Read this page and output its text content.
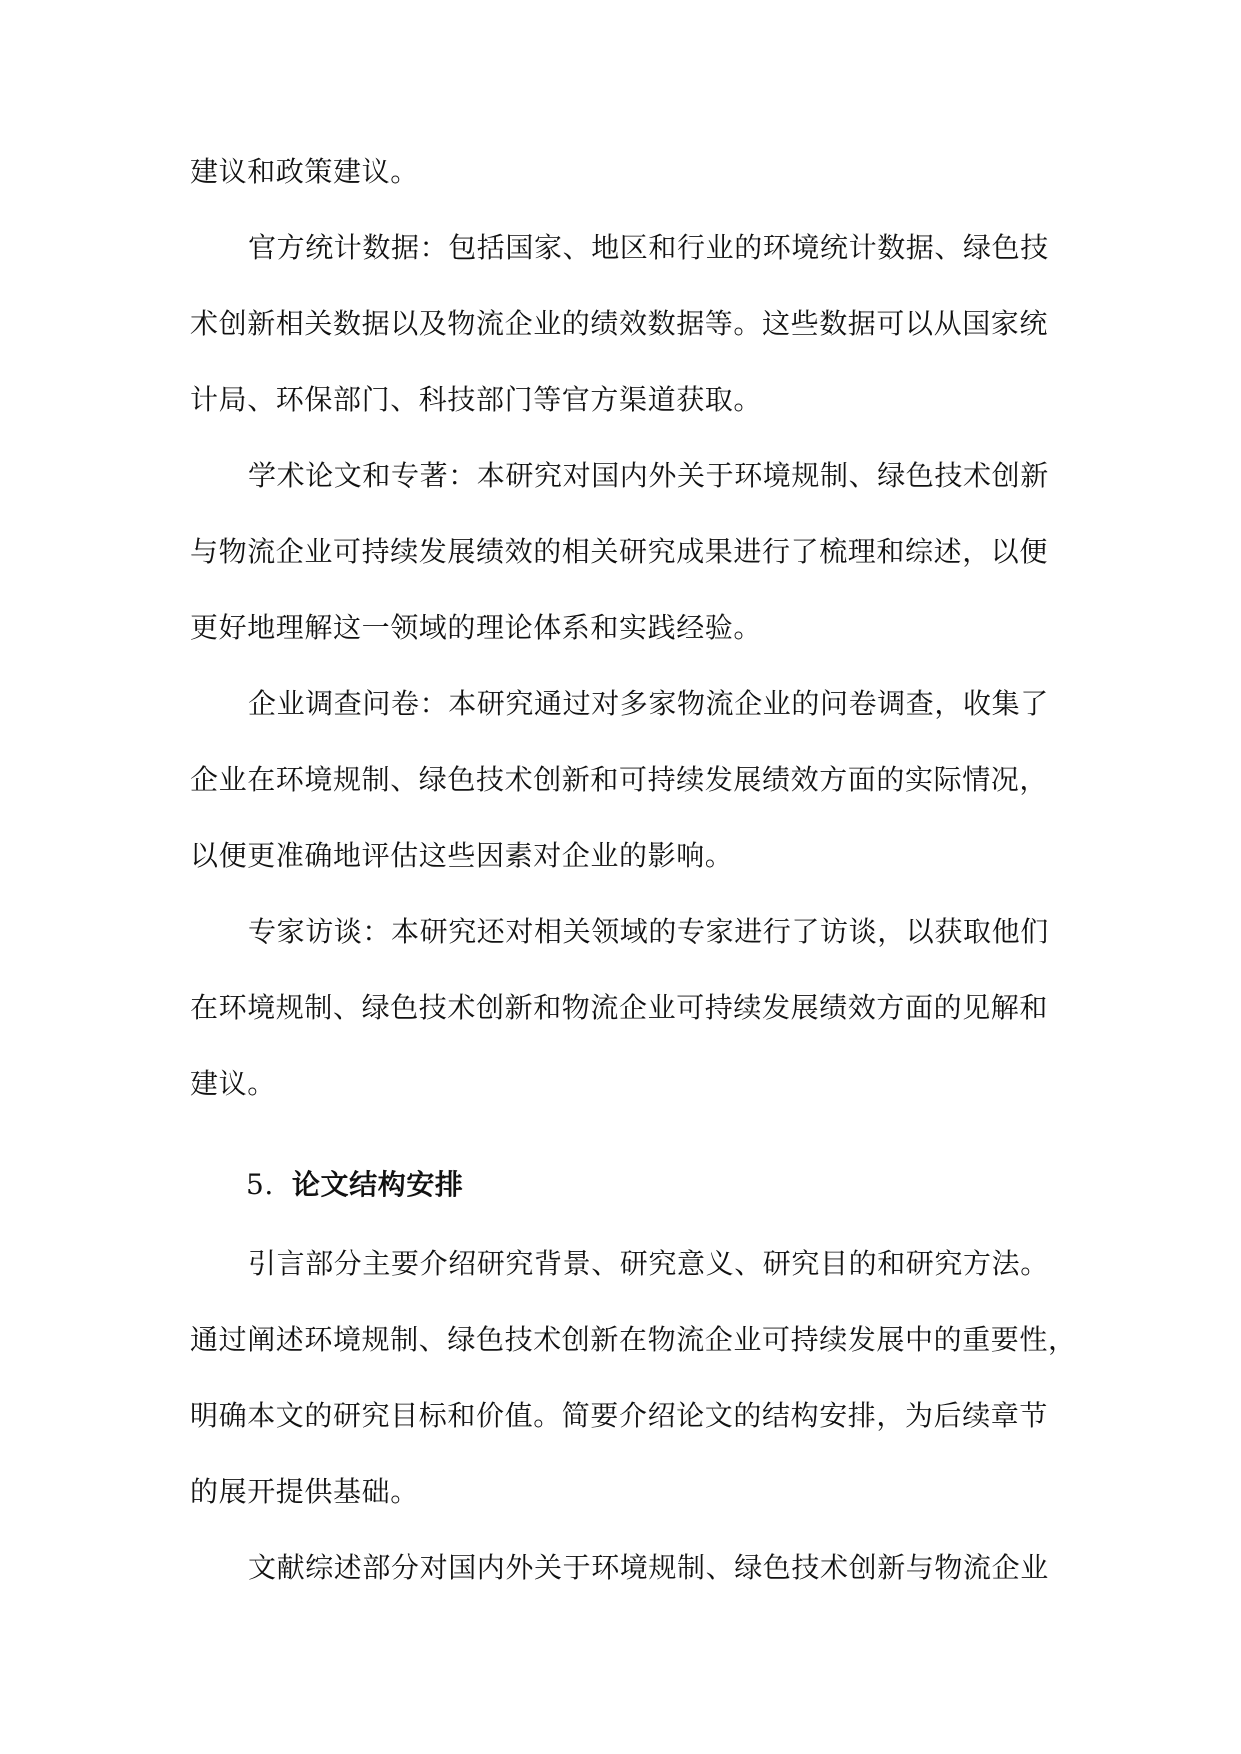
建议和政策建议。
官方统计数据：包括国家、地区和行业的环境统计数据、绿色技
术创新相关数据以及物流企业的绩效数据等。这些数据可以从国家统
计局、环保部门、科技部门等官方渠道获取。
学术论文和专著：本研究对国内外关于环境规制、绿色技术创新
与物流企业可持续发展绩效的相关研究成果进行了梳理和综述，以便
更好地理解这一领域的理论体系和实践经验。
企业调查问卷：本研究通过对多家物流企业的问卷调查，收集了
企业在环境规制、绿色技术创新和可持续发展绩效方面的实际情况，
以便更准确地评估这些因素对企业的影响。
专家访谈：本研究还对相关领域的专家进行了访谈，以获取他们
在环境规制、绿色技术创新和物流企业可持续发展绩效方面的见解和
建议。
5. 论文结构安排
引言部分主要介绍研究背景、研究意义、研究目的和研究方法。
通过阐述环境规制、绿色技术创新在物流企业可持续发展中的重要性，
明确本文的研究目标和价值。简要介绍论文的结构安排，为后续章节
的展开提供基础。
文献综述部分对国内外关于环境规制、绿色技术创新与物流企业
